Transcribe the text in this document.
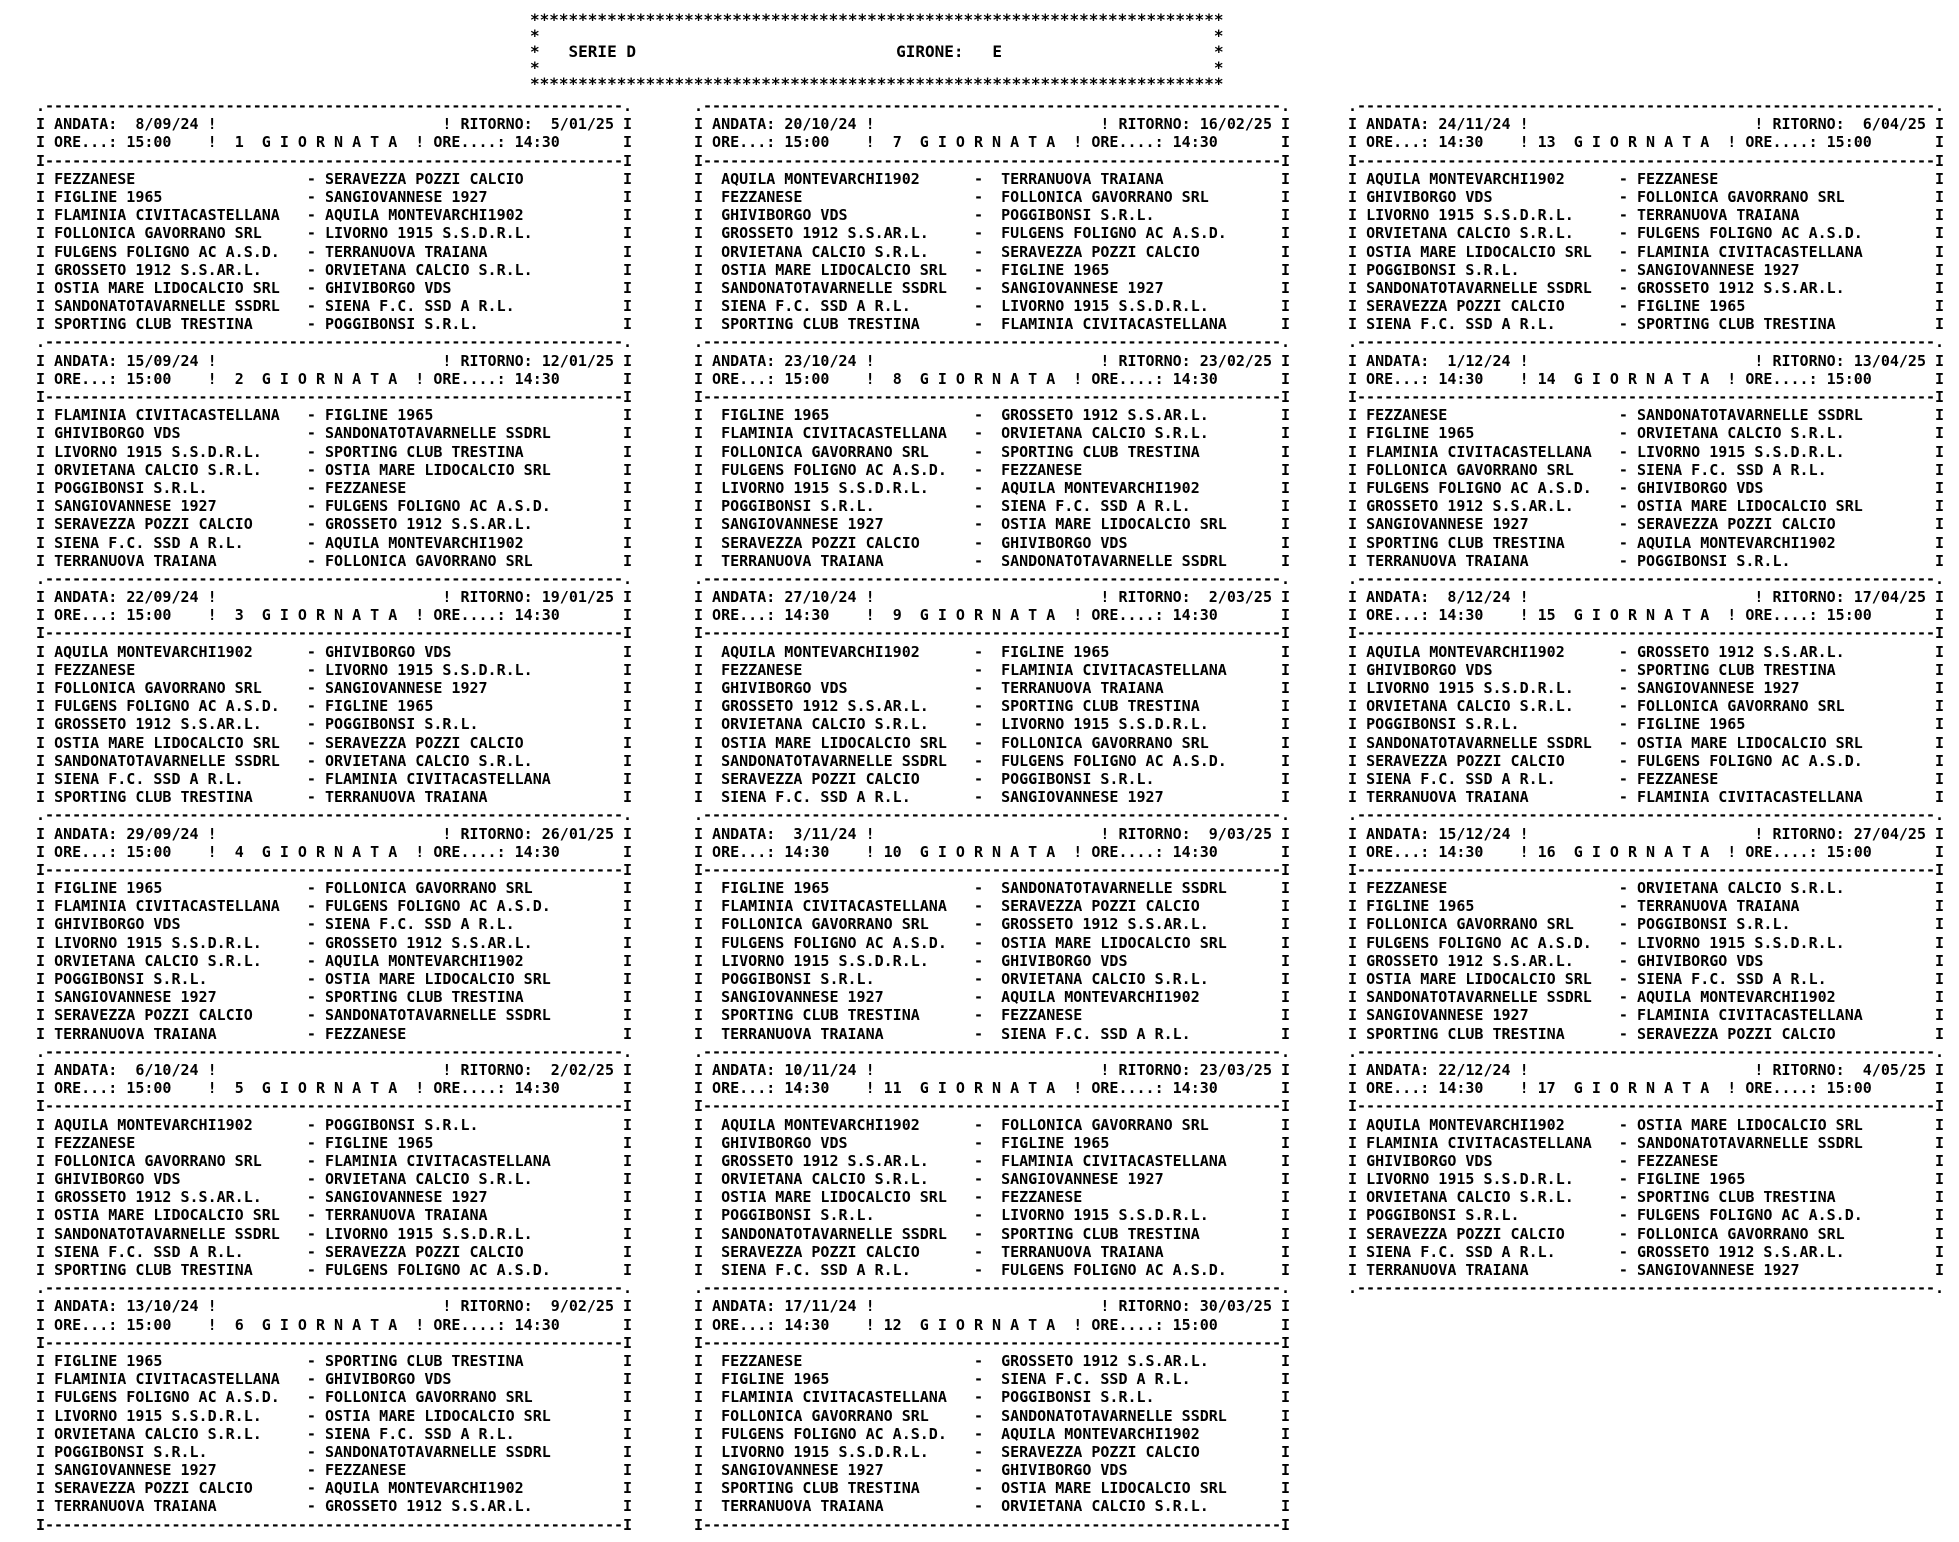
************************************************************************
*                                                                      *
*   SERIE D	GIRONE: E                      *
*                                                                      *
************************************************************************
.----------------------------------------------------------------.
I ANDATA:  8/09/24 !                         ! RITORNO:  5/01/25 I
I ORE...: 15:00    !  1 G I O R N A T A  ! ORE....: 14:30       I
I----------------------------------------------------------------I
I FEZZANESE                   - SERAVEZZA POZZI CALCIO           I
I FIGLINE 1965                - SANGIOVANNESE 1927               I
I FLAMINIA CIVITACASTELLANA   - AQUILA MONTEVARCHI1902           I
I FOLLONICA GAVORRANO SRL     - LIVORNO 1915 S.S.D.R.L.          I
I FULGENS FOLIGNO AC A.S.D.   - TERRANUOVA TRAIANA               I
I GROSSETO 1912 S.S.AR.L.     - ORVIETANA CALCIO S.R.L.          I
I OSTIA MARE LIDOCALCIO SRL   - GHIVIBORGO VDS                   I
I SANDONATOTAVARNELLE SSDRL   - SIENA F.C. SSD A R.L.            I
I SPORTING CLUB TRESTINA      - POGGIBONSI S.R.L.                I
.----------------------------------------------------------------.
I ANDATA: 15/09/24 !                         ! RITORNO: 12/01/25 I
I ORE...: 15:00    !  2 G I O R N A T A  ! ORE....: 14:30       I
I----------------------------------------------------------------I
I FLAMINIA CIVITACASTELLANA   - FIGLINE 1965                     I
I GHIVIBORGO VDS              - SANDONATOTAVARNELLE SSDRL        I
I LIVORNO 1915 S.S.D.R.L.     - SPORTING CLUB TRESTINA           I
I ORVIETANA CALCIO S.R.L.     - OSTIA MARE LIDOCALCIO SRL        I
I POGGIBONSI S.R.L.           - FEZZANESE                        I
I SANGIOVANNESE 1927          - FULGENS FOLIGNO AC A.S.D.        I
I SERAVEZZA POZZI CALCIO      - GROSSETO 1912 S.S.AR.L.          I
I SIENA F.C. SSD A R.L.       - AQUILA MONTEVARCHI1902           I
I TERRANUOVA TRAIANA          - FOLLONICA GAVORRANO SRL          I
.----------------------------------------------------------------.
I ANDATA: 22/09/24 !                         ! RITORNO: 19/01/25 I
I ORE...: 15:00    !  3 G I O R N A T A  ! ORE....: 14:30       I
I----------------------------------------------------------------I
I AQUILA MONTEVARCHI1902      - GHIVIBORGO VDS                   I
I FEZZANESE                   - LIVORNO 1915 S.S.D.R.L.          I
I FOLLONICA GAVORRANO SRL     - SANGIOVANNESE 1927               I
I FULGENS FOLIGNO AC A.S.D.   - FIGLINE 1965                     I
I GROSSETO 1912 S.S.AR.L.     - POGGIBONSI S.R.L.                I
I OSTIA MARE LIDOCALCIO SRL   - SERAVEZZA POZZI CALCIO           I
I SANDONATOTAVARNELLE SSDRL   - ORVIETANA CALCIO S.R.L.          I
I SIENA F.C. SSD A R.L.       - FLAMINIA CIVITACASTELLANA        I
I SPORTING CLUB TRESTINA      - TERRANUOVA TRAIANA               I
.----------------------------------------------------------------.
I ANDATA: 29/09/24 !                         ! RITORNO: 26/01/25 I
I ORE...: 15:00    !  4 G I O R N A T A  ! ORE....: 14:30       I
I----------------------------------------------------------------I
I FIGLINE 1965                - FOLLONICA GAVORRANO SRL          I
I FLAMINIA CIVITACASTELLANA   - FULGENS FOLIGNO AC A.S.D.        I
I GHIVIBORGO VDS              - SIENA F.C. SSD A R.L.            I
I LIVORNO 1915 S.S.D.R.L.     - GROSSETO 1912 S.S.AR.L.          I
I ORVIETANA CALCIO S.R.L.     - AQUILA MONTEVARCHI1902           I
I POGGIBONSI S.R.L.           - OSTIA MARE LIDOCALCIO SRL        I
I SANGIOVANNESE 1927          - SPORTING CLUB TRESTINA           I
I SERAVEZZA POZZI CALCIO      - SANDONATOTAVARNELLE SSDRL        I
I TERRANUOVA TRAIANA          - FEZZANESE                        I
.----------------------------------------------------------------.
I ANDATA:  6/10/24 !                         ! RITORNO:  2/02/25 I
I ORE...: 15:00    !  5 G I O R N A T A  ! ORE....: 14:30       I
I----------------------------------------------------------------I
I AQUILA MONTEVARCHI1902      - POGGIBONSI S.R.L.                I
I FEZZANESE                   - FIGLINE 1965                     I
I FOLLONICA GAVORRANO SRL     - FLAMINIA CIVITACASTELLANA        I
I GHIVIBORGO VDS              - ORVIETANA CALCIO S.R.L.          I
I GROSSETO 1912 S.S.AR.L.     - SANGIOVANNESE 1927               I
I OSTIA MARE LIDOCALCIO SRL   - TERRANUOVA TRAIANA               I
I SANDONATOTAVARNELLE SSDRL   - LIVORNO 1915 S.S.D.R.L.          I
I SIENA F.C. SSD A R.L.       - SERAVEZZA POZZI CALCIO           I
I SPORTING CLUB TRESTINA      - FULGENS FOLIGNO AC A.S.D.        I
.----------------------------------------------------------------.
I ANDATA: 13/10/24 !                         ! RITORNO:  9/02/25 I
I ORE...: 15:00    !  6 G I O R N A T A  ! ORE....: 14:30       I
I----------------------------------------------------------------I
I FIGLINE 1965                - SPORTING CLUB TRESTINA           I
I FLAMINIA CIVITACASTELLANA   - GHIVIBORGO VDS                   I
I FULGENS FOLIGNO AC A.S.D.   - FOLLONICA GAVORRANO SRL          I
I LIVORNO 1915 S.S.D.R.L.     - OSTIA MARE LIDOCALCIO SRL        I
I ORVIETANA CALCIO S.R.L.     - SIENA F.C. SSD A R.L.            I
I POGGIBONSI S.R.L.           - SANDONATOTAVARNELLE SSDRL        I
I SANGIOVANNESE 1927          - FEZZANESE                        I
I SERAVEZZA POZZI CALCIO      - AQUILA MONTEVARCHI1902           I
I TERRANUOVA TRAIANA          - GROSSETO 1912 S.S.AR.L.          I
I----------------------------------------------------------------I
.----------------------------------------------------------------.
I ANDATA: 20/10/24 !                         ! RITORNO: 16/02/25 I
I ORE...: 15:00    !  7 G I O R N A T A  ! ORE....: 14:30       I
I----------------------------------------------------------------I
I  AQUILA MONTEVARCHI1902      -  TERRANUOVA TRAIANA             I
I  FEZZANESE                   -  FOLLONICA GAVORRANO SRL        I
I  GHIVIBORGO VDS              -  POGGIBONSI S.R.L.              I
I  GROSSETO 1912 S.S.AR.L.     -  FULGENS FOLIGNO AC A.S.D.      I
I  ORVIETANA CALCIO S.R.L.     -  SERAVEZZA POZZI CALCIO         I
I  OSTIA MARE LIDOCALCIO SRL   -  FIGLINE 1965                   I
I  SANDONATOTAVARNELLE SSDRL   -  SANGIOVANNESE 1927             I
I  SIENA F.C. SSD A R.L.       -  LIVORNO 1915 S.S.D.R.L.        I
I  SPORTING CLUB TRESTINA      -  FLAMINIA CIVITACASTELLANA      I
.----------------------------------------------------------------.
I ANDATA: 23/10/24 !                         ! RITORNO: 23/02/25 I
I ORE...: 15:00    !  8 G I O R N A T A  ! ORE....: 14:30       I
I----------------------------------------------------------------I
I  FIGLINE 1965                -  GROSSETO 1912 S.S.AR.L.        I
I  FLAMINIA CIVITACASTELLANA   -  ORVIETANA CALCIO S.R.L.        I
I  FOLLONICA GAVORRANO SRL     -  SPORTING CLUB TRESTINA         I
I  FULGENS FOLIGNO AC A.S.D.   -  FEZZANESE                      I
I  LIVORNO 1915 S.S.D.R.L.     -  AQUILA MONTEVARCHI1902         I
I  POGGIBONSI S.R.L.           -  SIENA F.C. SSD A R.L.          I
I  SANGIOVANNESE 1927          -  OSTIA MARE LIDOCALCIO SRL      I
I  SERAVEZZA POZZI CALCIO      -  GHIVIBORGO VDS                 I
I  TERRANUOVA TRAIANA          -  SANDONATOTAVARNELLE SSDRL      I
.----------------------------------------------------------------.
I ANDATA: 27/10/24 !                         ! RITORNO:  2/03/25 I
I ORE...: 14:30    !  9 G I O R N A T A  ! ORE....: 14:30       I
I----------------------------------------------------------------I
I  AQUILA MONTEVARCHI1902      -  FIGLINE 1965                   I
I  FEZZANESE                   -  FLAMINIA CIVITACASTELLANA      I
I  GHIVIBORGO VDS              -  TERRANUOVA TRAIANA             I
I  GROSSETO 1912 S.S.AR.L.     -  SPORTING CLUB TRESTINA         I
I  ORVIETANA CALCIO S.R.L.     -  LIVORNO 1915 S.S.D.R.L.        I
I  OSTIA MARE LIDOCALCIO SRL   -  FOLLONICA GAVORRANO SRL        I
I  SANDONATOTAVARNELLE SSDRL   -  FULGENS FOLIGNO AC A.S.D.      I
I  SERAVEZZA POZZI CALCIO      -  POGGIBONSI S.R.L.              I
I  SIENA F.C. SSD A R.L.       -  SANGIOVANNESE 1927             I
.----------------------------------------------------------------.
I ANDATA:  3/11/24 !                         ! RITORNO:  9/03/25 I
I ORE...: 14:30    ! 10 G I O R N A T A  ! ORE....: 14:30       I
I----------------------------------------------------------------I
I  FIGLINE 1965                -  SANDONATOTAVARNELLE SSDRL      I
I  FLAMINIA CIVITACASTELLANA   -  SERAVEZZA POZZI CALCIO         I
I  FOLLONICA GAVORRANO SRL     -  GROSSETO 1912 S.S.AR.L.        I
I  FULGENS FOLIGNO AC A.S.D.   -  OSTIA MARE LIDOCALCIO SRL      I
I  LIVORNO 1915 S.S.D.R.L.     -  GHIVIBORGO VDS                 I
I  POGGIBONSI S.R.L.           -  ORVIETANA CALCIO S.R.L.        I
I  SANGIOVANNESE 1927          -  AQUILA MONTEVARCHI1902         I
I  SPORTING CLUB TRESTINA      -  FEZZANESE                      I
I  TERRANUOVA TRAIANA          -  SIENA F.C. SSD A R.L.          I
.----------------------------------------------------------------.
I ANDATA: 10/11/24 !                         ! RITORNO: 23/03/25 I
I ORE...: 14:30    ! 11 G I O R N A T A  ! ORE....: 14:30       I
I----------------------------------------------------------------I
I  AQUILA MONTEVARCHI1902      -  FOLLONICA GAVORRANO SRL        I
I  GHIVIBORGO VDS              -  FIGLINE 1965                   I
I  GROSSETO 1912 S.S.AR.L.     -  FLAMINIA CIVITACASTELLANA      I
I  ORVIETANA CALCIO S.R.L.     -  SANGIOVANNESE 1927             I
I  OSTIA MARE LIDOCALCIO SRL   -  FEZZANESE                      I
I  POGGIBONSI S.R.L.           -  LIVORNO 1915 S.S.D.R.L.        I
I  SANDONATOTAVARNELLE SSDRL   -  SPORTING CLUB TRESTINA         I
I  SERAVEZZA POZZI CALCIO      -  TERRANUOVA TRAIANA             I
I  SIENA F.C. SSD A R.L.       -  FULGENS FOLIGNO AC A.S.D.      I
.----------------------------------------------------------------.
I ANDATA: 17/11/24 !                         ! RITORNO: 30/03/25 I
I ORE...: 14:30    ! 12 G I O R N A T A  ! ORE....: 15:00       I
I----------------------------------------------------------------I
I  FEZZANESE                   -  GROSSETO 1912 S.S.AR.L.        I
I  FIGLINE 1965                -  SIENA F.C. SSD A R.L.          I
I  FLAMINIA CIVITACASTELLANA   -  POGGIBONSI S.R.L.              I
I  FOLLONICA GAVORRANO SRL     -  SANDONATOTAVARNELLE SSDRL      I
I  FULGENS FOLIGNO AC A.S.D.   -  AQUILA MONTEVARCHI1902         I
I  LIVORNO 1915 S.S.D.R.L.     -  SERAVEZZA POZZI CALCIO         I
I  SANGIOVANNESE 1927          -  GHIVIBORGO VDS                 I
I  SPORTING CLUB TRESTINA      -  OSTIA MARE LIDOCALCIO SRL      I
I  TERRANUOVA TRAIANA          -  ORVIETANA CALCIO S.R.L.        I
I----------------------------------------------------------------I
.----------------------------------------------------------------.
I ANDATA: 24/11/24 !                         ! RITORNO:  6/04/25 I
I ORE...: 14:30    ! 13 G I O R N A T A  ! ORE....: 15:00       I
I----------------------------------------------------------------I
I AQUILA MONTEVARCHI1902      - FEZZANESE                        I
I GHIVIBORGO VDS              - FOLLONICA GAVORRANO SRL          I
I LIVORNO 1915 S.S.D.R.L.     - TERRANUOVA TRAIANA               I
I ORVIETANA CALCIO S.R.L.     - FULGENS FOLIGNO AC A.S.D.        I
I OSTIA MARE LIDOCALCIO SRL   - FLAMINIA CIVITACASTELLANA        I
I POGGIBONSI S.R.L.           - SANGIOVANNESE 1927               I
I SANDONATOTAVARNELLE SSDRL   - GROSSETO 1912 S.S.AR.L.          I
I SERAVEZZA POZZI CALCIO      - FIGLINE 1965                     I
I SIENA F.C. SSD A R.L.       - SPORTING CLUB TRESTINA           I
.----------------------------------------------------------------.
I ANDATA:  1/12/24 !                         ! RITORNO: 13/04/25 I
I ORE...: 14:30    ! 14 G I O R N A T A  ! ORE....: 15:00       I
I----------------------------------------------------------------I
I FEZZANESE                   - SANDONATOTAVARNELLE SSDRL        I
I FIGLINE 1965                - ORVIETANA CALCIO S.R.L.          I
I FLAMINIA CIVITACASTELLANA   - LIVORNO 1915 S.S.D.R.L.          I
I FOLLONICA GAVORRANO SRL     - SIENA F.C. SSD A R.L.            I
I FULGENS FOLIGNO AC A.S.D.   - GHIVIBORGO VDS                   I
I GROSSETO 1912 S.S.AR.L.     - OSTIA MARE LIDOCALCIO SRL        I
I SANGIOVANNESE 1927          - SERAVEZZA POZZI CALCIO           I
I SPORTING CLUB TRESTINA      - AQUILA MONTEVARCHI1902           I
I TERRANUOVA TRAIANA          - POGGIBONSI S.R.L.                I
.----------------------------------------------------------------.
I ANDATA:  8/12/24 !                         ! RITORNO: 17/04/25 I
I ORE...: 14:30    ! 15 G I O R N A T A  ! ORE....: 15:00       I
I----------------------------------------------------------------I
I AQUILA MONTEVARCHI1902      - GROSSETO 1912 S.S.AR.L.          I
I GHIVIBORGO VDS              - SPORTING CLUB TRESTINA           I
I LIVORNO 1915 S.S.D.R.L.     - SANGIOVANNESE 1927               I
I ORVIETANA CALCIO S.R.L.     - FOLLONICA GAVORRANO SRL          I
I POGGIBONSI S.R.L.           - FIGLINE 1965                     I
I SANDONATOTAVARNELLE SSDRL   - OSTIA MARE LIDOCALCIO SRL        I
I SERAVEZZA POZZI CALCIO      - FULGENS FOLIGNO AC A.S.D.        I
I SIENA F.C. SSD A R.L.       - FEZZANESE                        I
I TERRANUOVA TRAIANA          - FLAMINIA CIVITACASTELLANA        I
.----------------------------------------------------------------.
I ANDATA: 15/12/24 !                         ! RITORNO: 27/04/25 I
I ORE...: 14:30    ! 16 G I O R N A T A  ! ORE....: 15:00       I
I----------------------------------------------------------------I
I FEZZANESE                   - ORVIETANA CALCIO S.R.L.          I
I FIGLINE 1965                - TERRANUOVA TRAIANA               I
I FOLLONICA GAVORRANO SRL     - POGGIBONSI S.R.L.                I
I FULGENS FOLIGNO AC A.S.D.   - LIVORNO 1915 S.S.D.R.L.          I
I GROSSETO 1912 S.S.AR.L.     - GHIVIBORGO VDS                   I
I OSTIA MARE LIDOCALCIO SRL   - SIENA F.C. SSD A R.L.            I
I SANDONATOTAVARNELLE SSDRL   - AQUILA MONTEVARCHI1902           I
I SANGIOVANNESE 1927          - FLAMINIA CIVITACASTELLANA        I
I SPORTING CLUB TRESTINA      - SERAVEZZA POZZI CALCIO           I
.----------------------------------------------------------------.
I ANDATA: 22/12/24 !                         ! RITORNO:  4/05/25 I
I ORE...: 14:30    ! 17 G I O R N A T A  ! ORE....: 15:00       I
I----------------------------------------------------------------I
I AQUILA MONTEVARCHI1902      - OSTIA MARE LIDOCALCIO SRL        I
I FLAMINIA CIVITACASTELLANA   - SANDONATOTAVARNELLE SSDRL        I
I GHIVIBORGO VDS              - FEZZANESE                        I
I LIVORNO 1915 S.S.D.R.L.     - FIGLINE 1965                     I
I ORVIETANA CALCIO S.R.L.     - SPORTING CLUB TRESTINA           I
I POGGIBONSI S.R.L.           - FULGENS FOLIGNO AC A.S.D.        I
I SERAVEZZA POZZI CALCIO      - FOLLONICA GAVORRANO SRL          I
I SIENA F.C. SSD A R.L.       - GROSSETO 1912 S.S.AR.L.          I
I TERRANUOVA TRAIANA          - SANGIOVANNESE 1927               I
.----------------------------------------------------------------.
